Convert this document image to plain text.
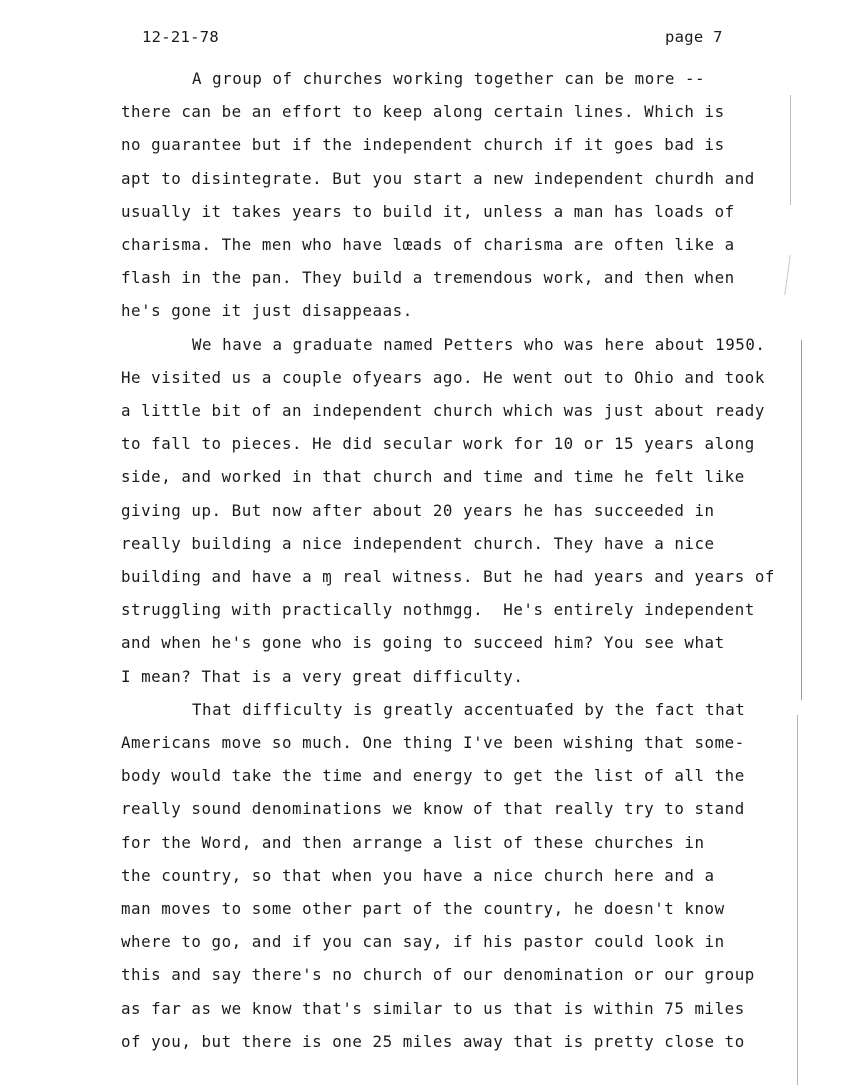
12-21-78	page 7
A group of churches working together can be more --
there can be an effort to keep along certain lines. Which is
no guarantee but if the independent church if it goes bad is
apt to disintegrate. But you start a new independent churdh and
usually it takes years to build it, unless a man has loads of
charisma. The men who have lœads of charisma are often like a
flash in the pan. They build a tremendous work, and then when
he's gone it just disappeaas.
We have a graduate named Petters who was here about 1950.
He visited us a couple ofyears ago. He went out to Ohio and took
a little bit of an independent church which was just about ready
to fall to pieces. He did secular work for 10 or 15 years along
side, and worked in that church and time and time he felt like
giving up. But now after about 20 years he has succeeded in
really building a nice independent church. They have a nice
building and have a ɱ real witness. But he had years and years of
struggling with practically nothmgg.  He's entirely independent
and when he's gone who is going to succeed him? You see what
I mean? That is a very great difficulty.
That difficulty is greatly accentuaƭed by the fact that
Americans move so much. One thing I've been wishing that some-
body would take the time and energy to get the list of all the
really sound denominations we know of that really try to stand
for the Word, and then arrange a list of these churches in
the country, so that when you have a nice church here and a
man moves to some other part of the country, he doesn't know
where to go, and if you can say, if his pastor could look in
this and say there's no church of our denomination or our group
as far as we know that's similar to us that is within 75 miles
of you, but there is one 25 miles away that is pretty close to
